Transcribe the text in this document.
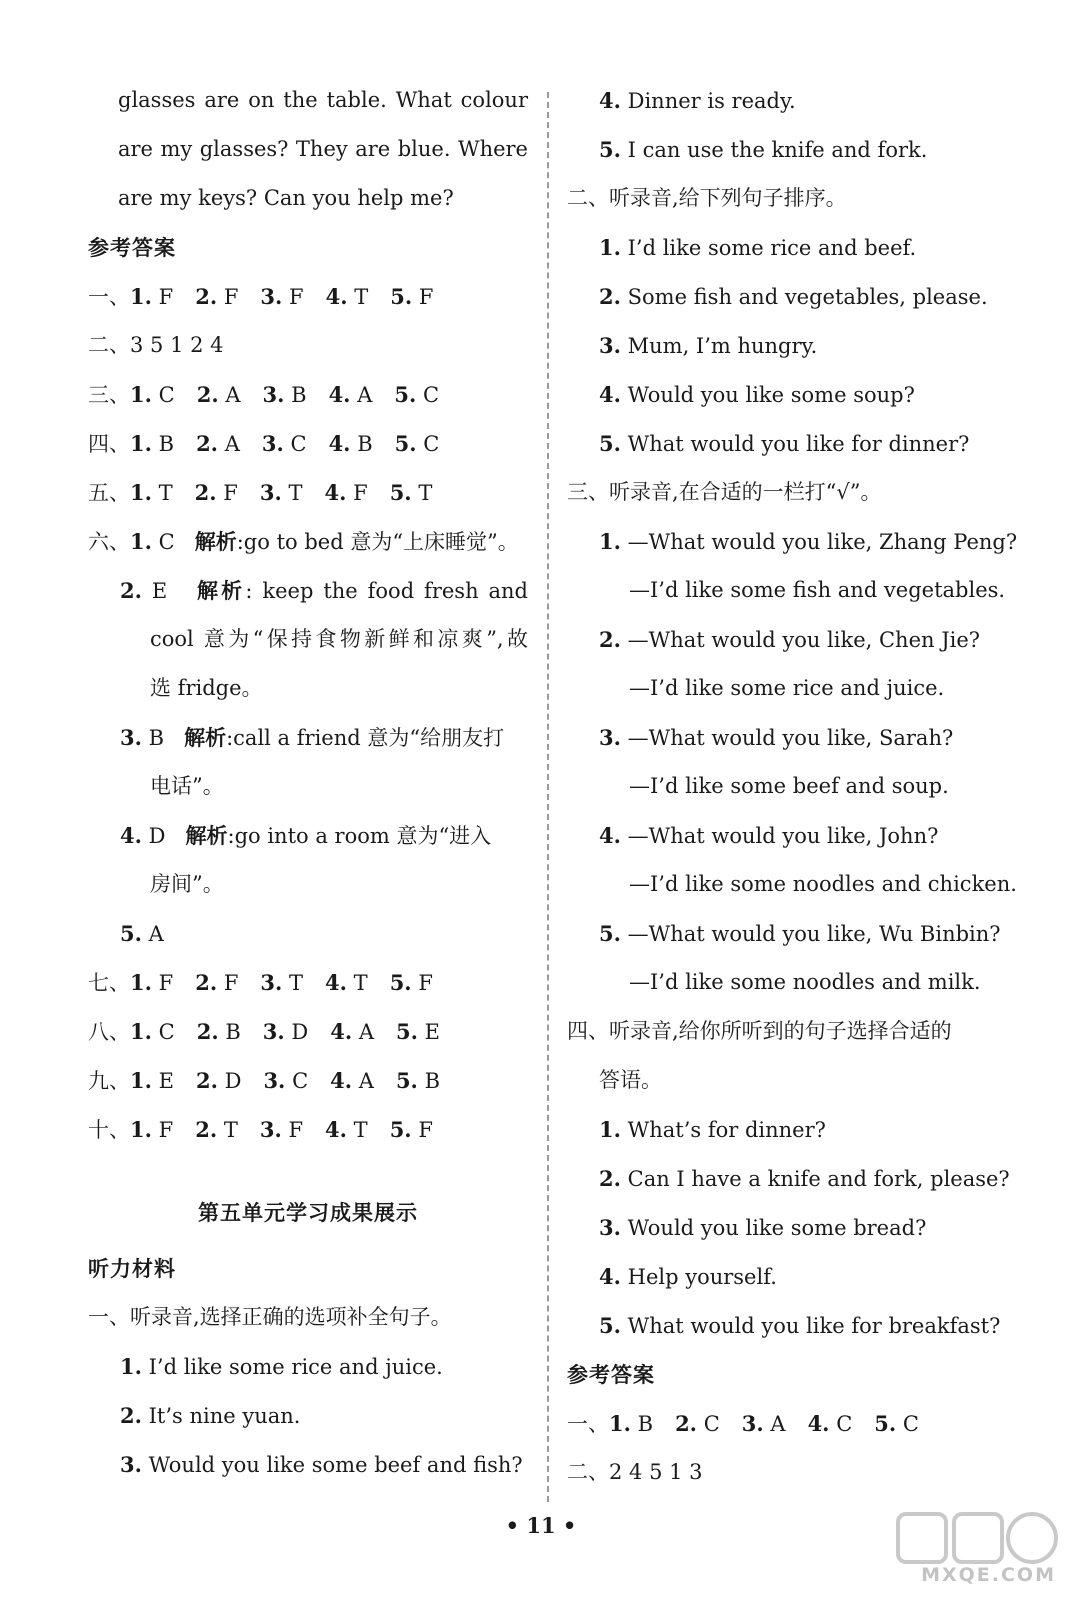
glasses are on the table. What colour
are my glasses? They are blue. Where
are my keys? Can you help me?
参考答案
一、1. F 2. F 3. F 4. T 5. F
二、3 5 1 2 4
三、1. C 2. A 3. B 4. A 5. C
四、1. B 2. A 3. C 4. B 5. C
五、1. T 2. F 3. T 4. F 5. T
六、1. C 解析:go to bed 意为“上床睡觉”。
2. E 解析: keep the food fresh and
cool 意为“保持食物新鲜和凉爽”,故
选 fridge。
3. B 解析:call a friend 意为“给朋友打
电话”。
4. D 解析:go into a room 意为“进入
房间”。
5. A
七、1. F 2. F 3. T 4. T 5. F
八、1. C 2. B 3. D 4. A 5. E
九、1. E 2. D 3. C 4. A 5. B
十、1. F 2. T 3. F 4. T 5. F
第五单元学习成果展示
听力材料
一、听录音,选择正确的选项补全句子。
1. I’d like some rice and juice.
2. It’s nine yuan.
3. Would you like some beef and fish?
4. Dinner is ready.
5. I can use the knife and fork.
二、听录音,给下列句子排序。
1. I’d like some rice and beef.
2. Some fish and vegetables, please.
3. Mum, I’m hungry.
4. Would you like some soup?
5. What would you like for dinner?
三、听录音,在合适的一栏打“√”。
1. —What would you like, Zhang Peng?
—I’d like some fish and vegetables.
2. —What would you like, Chen Jie?
—I’d like some rice and juice.
3. —What would you like, Sarah?
—I’d like some beef and soup.
4. —What would you like, John?
—I’d like some noodles and chicken.
5. —What would you like, Wu Binbin?
—I’d like some noodles and milk.
四、听录音,给你所听到的句子选择合适的
答语。
1. What’s for dinner?
2. Can I have a knife and fork, please?
3. Would you like some bread?
4. Help yourself.
5. What would you like for breakfast?
参考答案
一、1. B 2. C 3. A 4. C 5. C
二、2 4 5 1 3
• 11 •
MXQE.COM
